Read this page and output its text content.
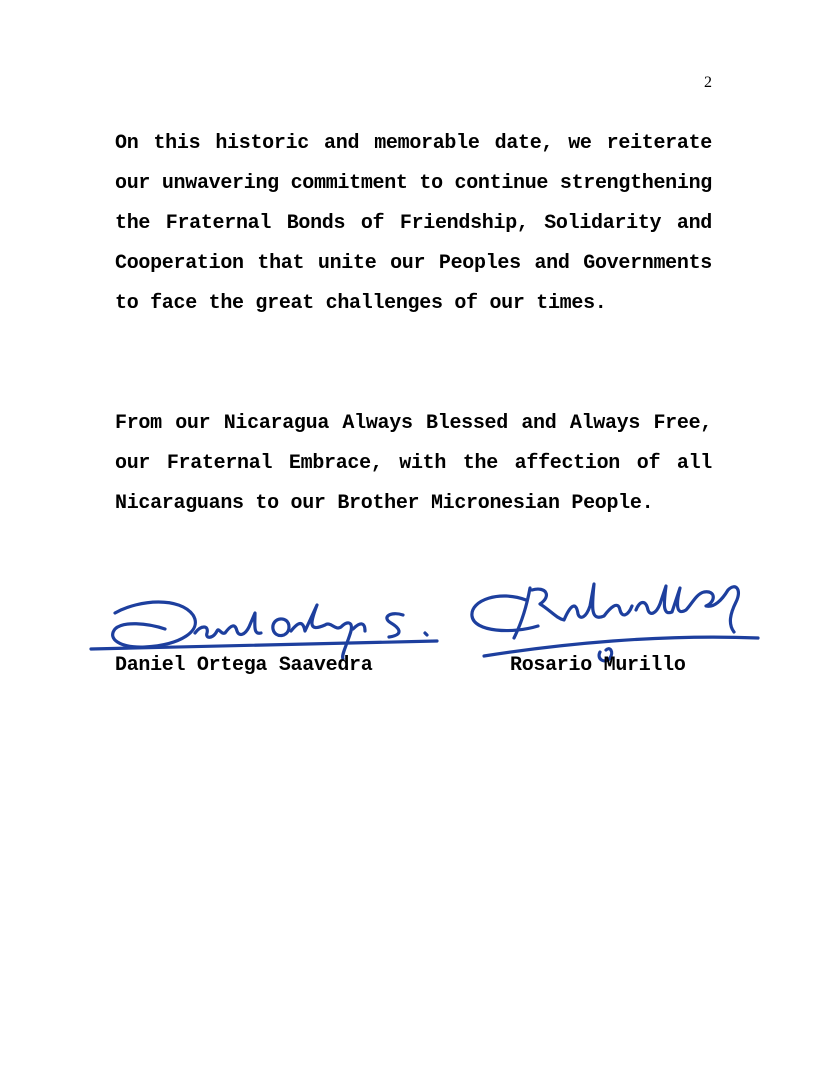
2

On this historic and memorable date, we reiterate our unwavering commitment to continue strengthening the Fraternal Bonds of Friendship, Solidarity and Cooperation that unite our Peoples and Governments to face the great challenges of our times.

From our Nicaragua Always Blessed and Always Free, our Fraternal Embrace, with the affection of all Nicaraguans to our Brother Micronesian People.

Daniel Ortega Saavedra	Rosario Murillo
